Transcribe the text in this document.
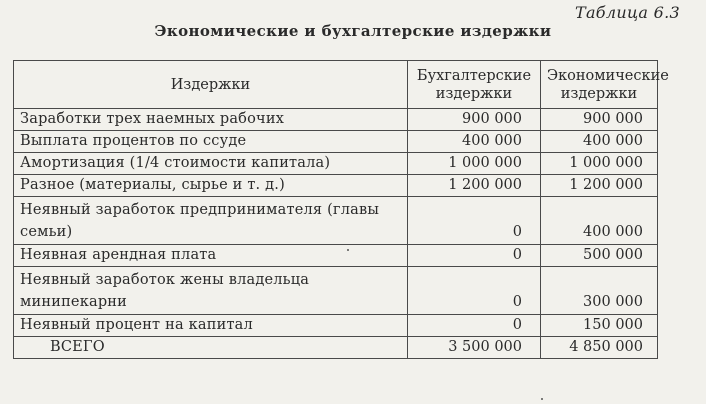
Таблица 6.3
Экономические и бухгалтерские издержки
Издержки	Бухгалтерские издержки	Экономические издержки
Заработки трех наемных рабочих	900 000	900 000
Выплата процентов по ссуде	400 000	400 000
Амортизация (1/4 стоимости капитала)	1 000 000	1 000 000
Разное (материалы, сырье и т. д.)	1 200 000	1 200 000
Неявный заработок предпринимателя (главы семьи)	0	400 000
Неявная арендная плата	0	500 000
Неявный заработок жены владельца минипекарни	0	300 000
Неявный процент на капитал	0	150 000
ВСЕГО	3 500 000	4 850 000
